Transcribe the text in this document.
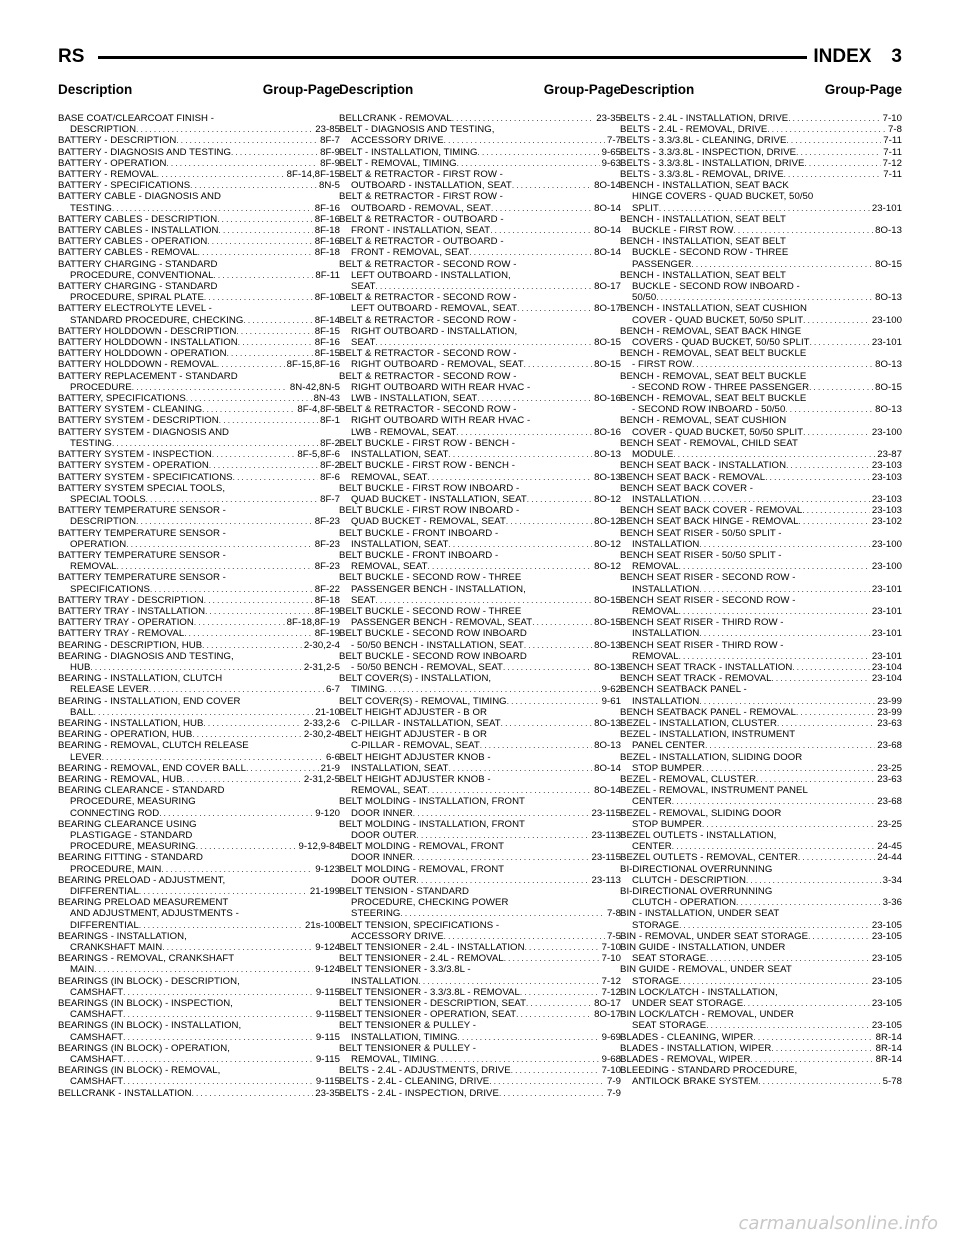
RS	INDEX 3
Description	Group-Page Description	Group-Page Description	Group-Page
BASE COAT/CLEARCOAT FINISH -
DESCRIPTION . . .	23-85
BATTERY - DESCRIPTION . . .	8F-7
BATTERY - DIAGNOSIS AND TESTING . . .	8F-9
BATTERY - OPERATION . . .	8F-9
BATTERY - REMOVAL . . .	8F-14,8F-15
BATTERY - SPECIFICATIONS . . .	8N-5
BATTERY CABLE - DIAGNOSIS AND
TESTING . . .	8F-16
BATTERY CABLES - DESCRIPTION . . .	8F-16
BATTERY CABLES - INSTALLATION . . .	8F-18
BATTERY CABLES - OPERATION . . .	8F-16
BATTERY CABLES - REMOVAL . . .	8F-18
BATTERY CHARGING - STANDARD
PROCEDURE, CONVENTIONAL . . .	8F-11
BATTERY CHARGING - STANDARD
PROCEDURE, SPIRAL PLATE . . .	8F-10
BATTERY ELECTROLYTE LEVEL -
STANDARD PROCEDURE, CHECKING . . .	8F-14
BATTERY HOLDDOWN - DESCRIPTION . . .	8F-15
BATTERY HOLDDOWN - INSTALLATION . . .	8F-16
BATTERY HOLDDOWN - OPERATION . . .	8F-15
BATTERY HOLDDOWN - REMOVAL . . .	8F-15,8F-16
BATTERY REPLACEMENT - STANDARD
PROCEDURE . . .	8N-42,8N-5
BATTERY, SPECIFICATIONS . . .	8N-43
BATTERY SYSTEM - CLEANING . . .	8F-4,8F-5
BATTERY SYSTEM - DESCRIPTION . . .	8F-1
BATTERY SYSTEM - DIAGNOSIS AND
TESTING . . .	8F-2
BATTERY SYSTEM - INSPECTION . . .	8F-5,8F-6
BATTERY SYSTEM - OPERATION . . .	8F-2
BATTERY SYSTEM - SPECIFICATIONS . . .	8F-6
BATTERY SYSTEM SPECIAL TOOLS,
SPECIAL TOOLS . . .	8F-7
BATTERY TEMPERATURE SENSOR -
DESCRIPTION . . .	8F-23
BATTERY TEMPERATURE SENSOR -
OPERATION . . .	8F-23
BATTERY TEMPERATURE SENSOR -
REMOVAL . . .	8F-23
BATTERY TEMPERATURE SENSOR -
SPECIFICATIONS . . .	8F-22
BATTERY TRAY - DESCRIPTION . . .	8F-18
BATTERY TRAY - INSTALLATION . . .	8F-19
BATTERY TRAY - OPERATION . . .	8F-18,8F-19
BATTERY TRAY - REMOVAL . . .	8F-19
BEARING - DESCRIPTION, HUB . . .	2-30,2-4
BEARING - DIAGNOSIS AND TESTING,
HUB . . .	2-31,2-5
BEARING - INSTALLATION, CLUTCH
RELEASE LEVER . . .	6-7
BEARING - INSTALLATION, END COVER
BALL . . .	21-10
BEARING - INSTALLATION, HUB . . .	2-33,2-6
BEARING - OPERATION, HUB . . .	2-30,2-4
BEARING - REMOVAL, CLUTCH RELEASE
LEVER . . .	6-6
BEARING - REMOVAL, END COVER BALL . . .	21-9
BEARING - REMOVAL, HUB . . .	2-31,2-5
BEARING CLEARANCE - STANDARD
PROCEDURE, MEASURING
CONNECTING ROD . . .	9-120
BEARING CLEARANCE USING
PLASTIGAGE - STANDARD
PROCEDURE, MEASURING . . .	9-12,9-84
BEARING FITTING - STANDARD
PROCEDURE, MAIN . . .	9-123
BEARING PRELOAD - ADJUSTMENT,
DIFFERENTIAL . . .	21-199
BEARING PRELOAD MEASUREMENT
AND ADJUSTMENT, ADJUSTMENTS -
DIFFERENTIAL . . .	21s-100
BEARINGS - INSTALLATION,
CRANKSHAFT MAIN . . .	9-124
BEARINGS - REMOVAL, CRANKSHAFT
MAIN . . .	9-124
BEARINGS (IN BLOCK) - DESCRIPTION,
CAMSHAFT . . .	9-115
BEARINGS (IN BLOCK) - INSPECTION,
CAMSHAFT . . .	9-115
BEARINGS (IN BLOCK) - INSTALLATION,
CAMSHAFT . . .	9-115
BEARINGS (IN BLOCK) - OPERATION,
CAMSHAFT . . .	9-115
BEARINGS (IN BLOCK) - REMOVAL,
CAMSHAFT . . .	9-115
BELLCRANK - INSTALLATION . . .	23-35
BELLCRANK - REMOVAL . . .	23-35
BELT - DIAGNOSIS AND TESTING,
ACCESSORY DRIVE . . .	7-7
BELT - INSTALLATION, TIMING . . .	9-65
BELT - REMOVAL, TIMING . . .	9-63
BELT & RETRACTOR - FIRST ROW -
OUTBOARD - INSTALLATION, SEAT . . .	8O-14
BELT & RETRACTOR - FIRST ROW -
OUTBOARD - REMOVAL, SEAT . . .	8O-14
BELT & RETRACTOR - OUTBOARD -
FRONT - INSTALLATION, SEAT . . .	8O-14
BELT & RETRACTOR - OUTBOARD -
FRONT - REMOVAL, SEAT . . .	8O-14
BELT & RETRACTOR - SECOND ROW -
LEFT OUTBOARD - INSTALLATION,
SEAT . . .	8O-17
BELT & RETRACTOR - SECOND ROW -
LEFT OUTBOARD - REMOVAL, SEAT . . .	8O-17
BELT & RETRACTOR - SECOND ROW -
RIGHT OUTBOARD - INSTALLATION,
SEAT . . .	8O-15
BELT & RETRACTOR - SECOND ROW -
RIGHT OUTBOARD - REMOVAL, SEAT . . .	8O-15
BELT & RETRACTOR - SECOND ROW -
RIGHT OUTBOARD WITH REAR HVAC -
LWB - INSTALLATION, SEAT . . .	8O-16
BELT & RETRACTOR - SECOND ROW -
RIGHT OUTBOARD WITH REAR HVAC -
LWB - REMOVAL, SEAT . . .	8O-16
BELT BUCKLE - FIRST ROW - BENCH -
INSTALLATION, SEAT . . .	8O-13
BELT BUCKLE - FIRST ROW - BENCH -
REMOVAL, SEAT . . .	8O-13
BELT BUCKLE - FIRST ROW INBOARD -
QUAD BUCKET - INSTALLATION, SEAT . . .	8O-12
BELT BUCKLE - FIRST ROW INBOARD -
QUAD BUCKET - REMOVAL, SEAT . . .	8O-12
BELT BUCKLE - FRONT INBOARD -
INSTALLATION, SEAT . . .	8O-12
BELT BUCKLE - FRONT INBOARD -
REMOVAL, SEAT . . .	8O-12
BELT BUCKLE - SECOND ROW - THREE
PASSENGER BENCH - INSTALLATION,
SEAT . . .	8O-15
BELT BUCKLE - SECOND ROW - THREE
PASSENGER BENCH - REMOVAL, SEAT . . .	8O-15
BELT BUCKLE - SECOND ROW INBOARD
- 50/50 BENCH - INSTALLATION, SEAT . . .	8O-13
BELT BUCKLE - SECOND ROW INBOARD
- 50/50 BENCH - REMOVAL, SEAT . . .	8O-13
BELT COVER(S) - INSTALLATION,
TIMING . . .	9-62
BELT COVER(S) - REMOVAL, TIMING . . .	9-61
BELT HEIGHT ADJUSTER - B OR
C-PILLAR - INSTALLATION, SEAT . . .	8O-13
BELT HEIGHT ADJUSTER - B OR
C-PILLAR - REMOVAL, SEAT . . .	8O-13
BELT HEIGHT ADJUSTER KNOB -
INSTALLATION, SEAT . . .	8O-14
BELT HEIGHT ADJUSTER KNOB -
REMOVAL, SEAT . . .	8O-14
BELT MOLDING - INSTALLATION, FRONT
DOOR INNER . . .	23-115
BELT MOLDING - INSTALLATION, FRONT
DOOR OUTER . . .	23-113
BELT MOLDING - REMOVAL, FRONT
DOOR INNER . . .	23-115
BELT MOLDING - REMOVAL, FRONT
DOOR OUTER . . .	23-113
BELT TENSION - STANDARD
PROCEDURE, CHECKING POWER
STEERING . . .	7-8
BELT TENSION, SPECIFICATIONS -
ACCESSORY DRIVE . . .	7-5
BELT TENSIONER - 2.4L - INSTALLATION . . .	7-10
BELT TENSIONER - 2.4L - REMOVAL . . .	7-10
BELT TENSIONER - 3.3/3.8L -
INSTALLATION . . .	7-12
BELT TENSIONER - 3.3/3.8L - REMOVAL . . .	7-12
BELT TENSIONER - DESCRIPTION, SEAT . . .	8O-17
BELT TENSIONER - OPERATION, SEAT . . .	8O-17
BELT TENSIONER & PULLEY -
INSTALLATION, TIMING . . .	9-69
BELT TENSIONER & PULLEY -
REMOVAL, TIMING . . .	9-68
BELTS - 2.4L - ADJUSTMENTS, DRIVE . . .	7-10
BELTS - 2.4L - CLEANING, DRIVE . . .	7-9
BELTS - 2.4L - INSPECTION, DRIVE . . .	7-9
BELTS - 2.4L - INSTALLATION, DRIVE . . .	7-10
BELTS - 2.4L - REMOVAL, DRIVE . . .	7-8
BELTS - 3.3/3.8L - CLEANING, DRIVE . . .	7-11
BELTS - 3.3/3.8L - INSPECTION, DRIVE . . .	7-11
BELTS - 3.3/3.8L - INSTALLATION, DRIVE . . .	7-12
BELTS - 3.3/3.8L - REMOVAL, DRIVE . . .	7-11
BENCH - INSTALLATION, SEAT BACK
HINGE COVERS - QUAD BUCKET, 50/50
SPLIT . . .	23-101
BENCH - INSTALLATION, SEAT BELT
BUCKLE - FIRST ROW . . .	8O-13
BENCH - INSTALLATION, SEAT BELT
BUCKLE - SECOND ROW - THREE
PASSENGER . . .	8O-15
BENCH - INSTALLATION, SEAT BELT
BUCKLE - SECOND ROW INBOARD -
50/50 . . .	8O-13
BENCH - INSTALLATION, SEAT CUSHION
COVER - QUAD BUCKET, 50/50 SPLIT . . .	23-100
BENCH - REMOVAL, SEAT BACK HINGE
COVERS - QUAD BUCKET, 50/50 SPLIT . . .	23-101
BENCH - REMOVAL, SEAT BELT BUCKLE
- FIRST ROW . . .	8O-13
BENCH - REMOVAL, SEAT BELT BUCKLE
- SECOND ROW - THREE PASSENGER . . .	8O-15
BENCH - REMOVAL, SEAT BELT BUCKLE
- SECOND ROW INBOARD - 50/50 . . .	8O-13
BENCH - REMOVAL, SEAT CUSHION
COVER - QUAD BUCKET, 50/50 SPLIT . . .	23-100
BENCH SEAT - REMOVAL, CHILD SEAT
MODULE . . .	23-87
BENCH SEAT BACK - INSTALLATION . . .	23-103
BENCH SEAT BACK - REMOVAL . . .	23-103
BENCH SEAT BACK COVER -
INSTALLATION . . .	23-103
BENCH SEAT BACK COVER - REMOVAL . . .	23-103
BENCH SEAT BACK HINGE - REMOVAL . . .	23-102
BENCH SEAT RISER - 50/50 SPLIT -
INSTALLATION . . .	23-100
BENCH SEAT RISER - 50/50 SPLIT -
REMOVAL . . .	23-100
BENCH SEAT RISER - SECOND ROW -
INSTALLATION . . .	23-101
BENCH SEAT RISER - SECOND ROW -
REMOVAL . . .	23-101
BENCH SEAT RISER - THIRD ROW -
INSTALLATION . . .	23-101
BENCH SEAT RISER - THIRD ROW -
REMOVAL . . .	23-101
BENCH SEAT TRACK - INSTALLATION . . .	23-104
BENCH SEAT TRACK - REMOVAL . . .	23-104
BENCH SEATBACK PANEL -
INSTALLATION . . .	23-99
BENCH SEATBACK PANEL - REMOVAL . . .	23-99
BEZEL - INSTALLATION, CLUSTER . . .	23-63
BEZEL - INSTALLATION, INSTRUMENT
PANEL CENTER . . .	23-68
BEZEL - INSTALLATION, SLIDING DOOR
STOP BUMPER . . .	23-25
BEZEL - REMOVAL, CLUSTER . . .	23-63
BEZEL - REMOVAL, INSTRUMENT PANEL
CENTER . . .	23-68
BEZEL - REMOVAL, SLIDING DOOR
STOP BUMPER . . .	23-25
BEZEL OUTLETS - INSTALLATION,
CENTER . . .	24-45
BEZEL OUTLETS - REMOVAL, CENTER . . .	24-44
BI-DIRECTIONAL OVERRUNNING
CLUTCH - DESCRIPTION . . .	3-34
BI-DIRECTIONAL OVERRUNNING
CLUTCH - OPERATION . . .	3-36
BIN - INSTALLATION, UNDER SEAT
STORAGE . . .	23-105
BIN - REMOVAL, UNDER SEAT STORAGE . . .	23-105
BIN GUIDE - INSTALLATION, UNDER
SEAT STORAGE . . .	23-105
BIN GUIDE - REMOVAL, UNDER SEAT
STORAGE . . .	23-105
BIN LOCK/LATCH - INSTALLATION,
UNDER SEAT STORAGE . . .	23-105
BIN LOCK/LATCH - REMOVAL, UNDER
SEAT STORAGE . . .	23-105
BLADES - CLEANING, WIPER . . .	8R-14
BLADES - INSTALLATION, WIPER . . .	8R-14
BLADES - REMOVAL, WIPER . . .	8R-14
BLEEDING - STANDARD PROCEDURE,
ANTILOCK BRAKE SYSTEM . . .	5-78
carmanualsonline.info
